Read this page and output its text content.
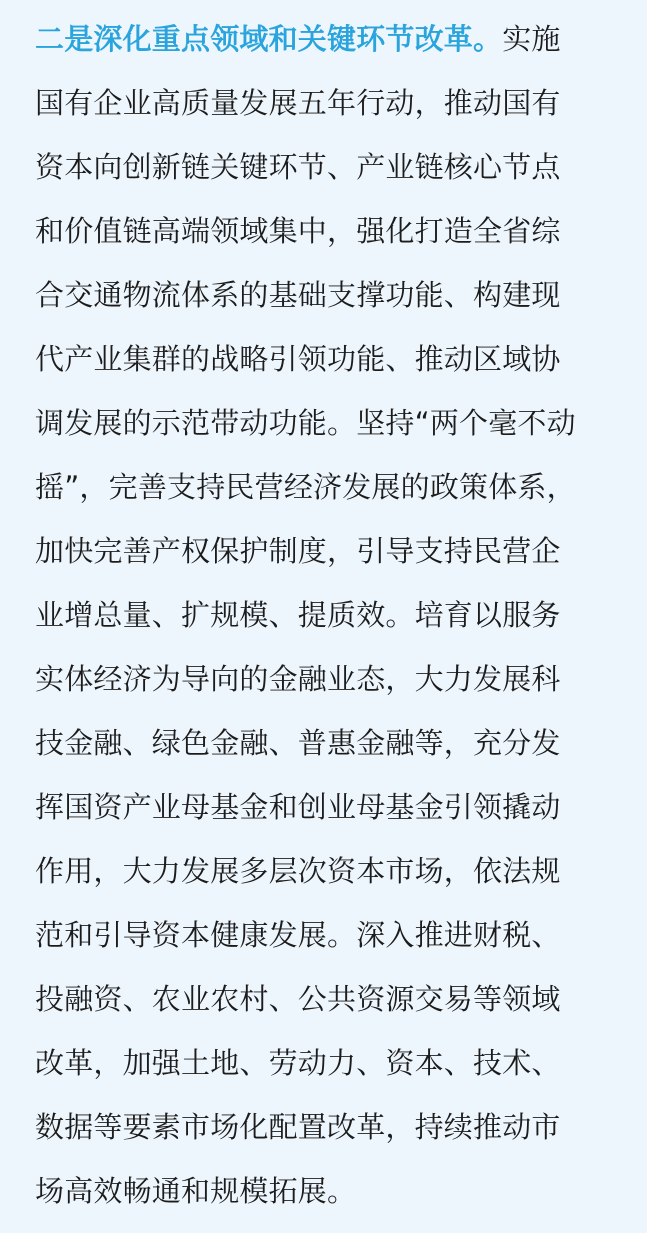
二是深化重点领域和关键环节改革。实施
国有企业高质量发展五年行动，推动国有
资本向创新链关键环节、产业链核心节点
和价值链高端领域集中，强化打造全省综
合交通物流体系的基础支撑功能、构建现
代产业集群的战略引领功能、推动区域协
调发展的示范带动功能。坚持“两个毫不动
摇”，完善支持民营经济发展的政策体系，
加快完善产权保护制度，引导支持民营企
业增总量、扩规模、提质效。培育以服务
实体经济为导向的金融业态，大力发展科
技金融、绿色金融、普惠金融等，充分发
挥国资产业母基金和创业母基金引领撬动
作用，大力发展多层次资本市场，依法规
范和引导资本健康发展。深入推进财税、
投融资、农业农村、公共资源交易等领域
改革，加强土地、劳动力、资本、技术、
数据等要素市场化配置改革，持续推动市
场高效畅通和规模拓展。
